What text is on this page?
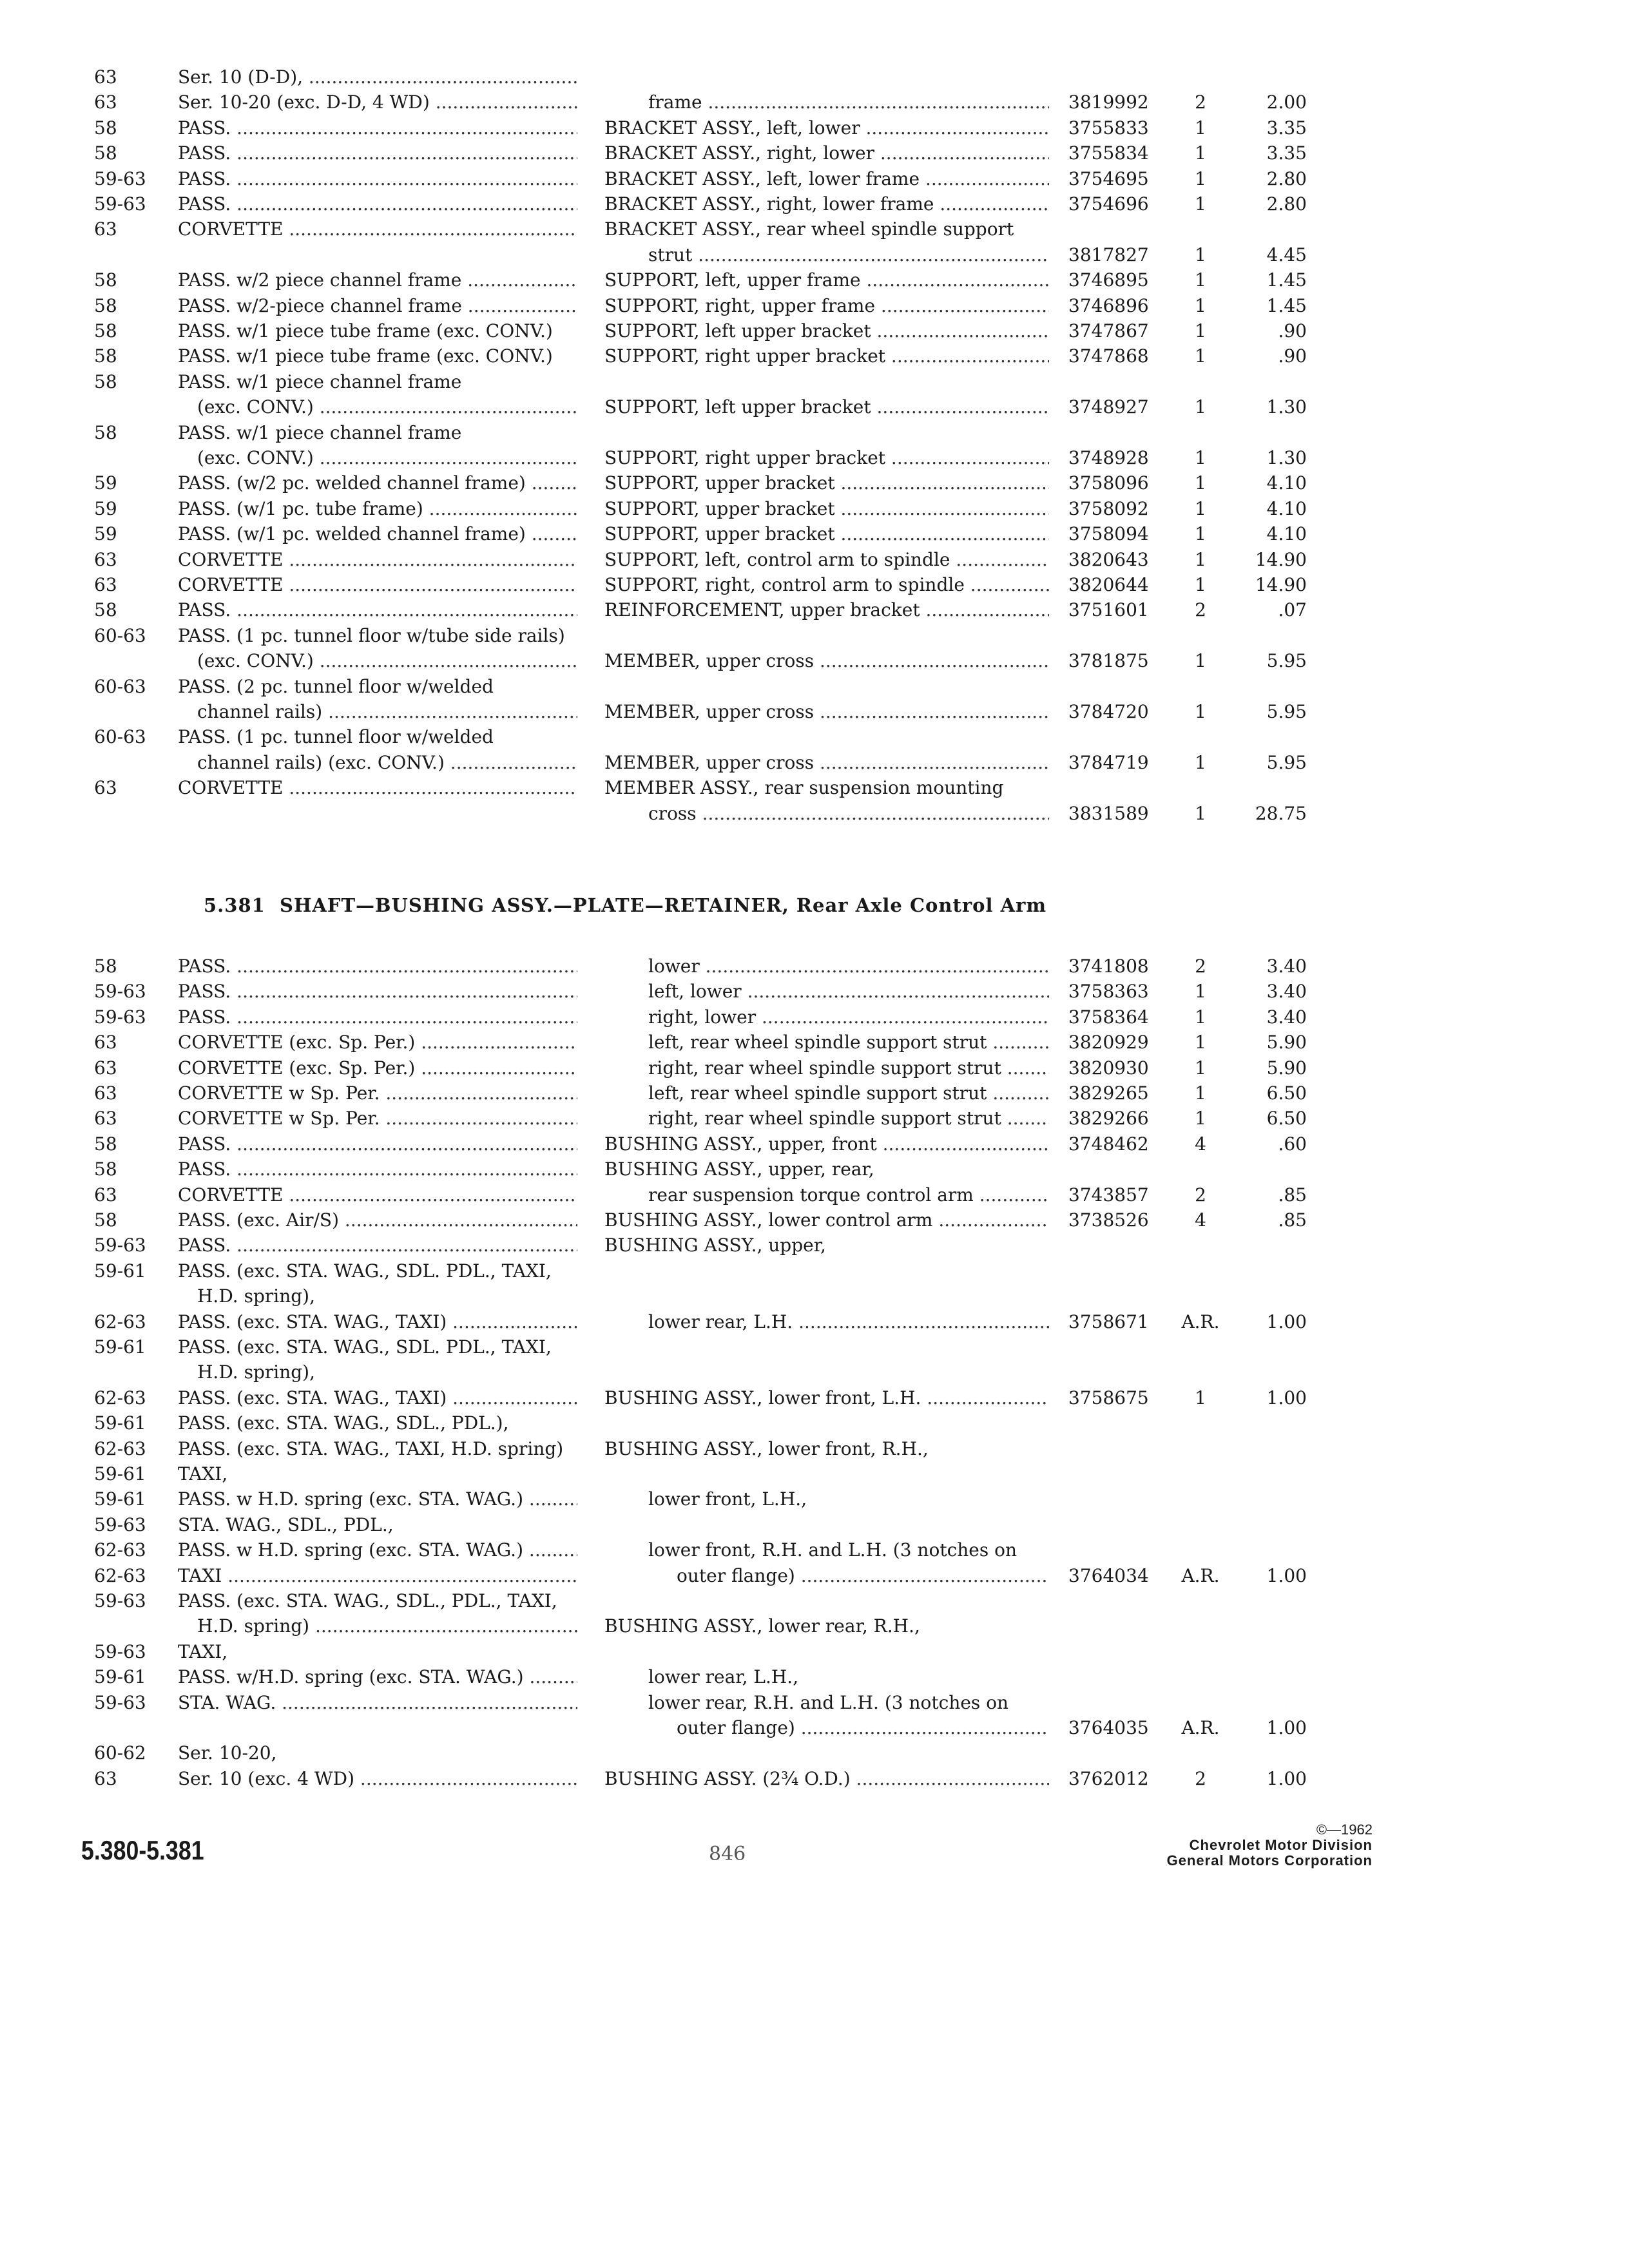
63	Ser. 10 (D-D), .....
63	Ser. 10-20 (exc. D-D, 4 WD) .....	frame .....	3819992	2	2.00
58	PASS. .....	BRACKET ASSY., left, lower .....	3755833	1	3.35
58	PASS. .....	BRACKET ASSY., right, lower .....	3755834	1	3.35
59-63	PASS. .....	BRACKET ASSY., left, lower frame .....	3754695	1	2.80
59-63	PASS. .....	BRACKET ASSY., right, lower frame .....	3754696	1	2.80
63	CORVETTE .....	BRACKET ASSY., rear wheel spindle support
strut .....	3817827	1	4.45
58	PASS. w/2 piece channel frame .....	SUPPORT, left, upper frame .....	3746895	1	1.45
58	PASS. w/2-piece channel frame .....	SUPPORT, right, upper frame .....	3746896	1	1.45
58	PASS. w/1 piece tube frame (exc. CONV.)	SUPPORT, left upper bracket .....	3747867	1	.90
58	PASS. w/1 piece tube frame (exc. CONV.)	SUPPORT, right upper bracket .....	3747868	1	.90
58	PASS. w/1 piece channel frame
(exc. CONV.) .....	SUPPORT, left upper bracket .....	3748927	1	1.30
58	PASS. w/1 piece channel frame
(exc. CONV.) .....	SUPPORT, right upper bracket .....	3748928	1	1.30
59	PASS. (w/2 pc. welded channel frame) .....	SUPPORT, upper bracket .....	3758096	1	4.10
59	PASS. (w/1 pc. tube frame) .....	SUPPORT, upper bracket .....	3758092	1	4.10
59	PASS. (w/1 pc. welded channel frame) .....	SUPPORT, upper bracket .....	3758094	1	4.10
63	CORVETTE .....	SUPPORT, left, control arm to spindle .....	3820643	1	14.90
63	CORVETTE .....	SUPPORT, right, control arm to spindle .....	3820644	1	14.90
58	PASS. .....	REINFORCEMENT, upper bracket .....	3751601	2	.07
60-63	PASS. (1 pc. tunnel floor w/tube side rails)
(exc. CONV.) .....	MEMBER, upper cross .....	3781875	1	5.95
60-63	PASS. (2 pc. tunnel floor w/welded
channel rails) .....	MEMBER, upper cross .....	3784720	1	5.95
60-63	PASS. (1 pc. tunnel floor w/welded
channel rails) (exc. CONV.) .....	MEMBER, upper cross .....	3784719	1	5.95
63	CORVETTE .....	MEMBER ASSY., rear suspension mounting
cross .....	3831589	1	28.75
5.381 SHAFT—BUSHING ASSY.—PLATE—RETAINER, Rear Axle Control Arm
58	PASS. .....	lower .....	3741808	2	3.40
59-63	PASS. .....	left, lower .....	3758363	1	3.40
59-63	PASS. .....	right, lower .....	3758364	1	3.40
63	CORVETTE (exc. Sp. Per.) .....	left, rear wheel spindle support strut .....	3820929	1	5.90
63	CORVETTE (exc. Sp. Per.) .....	right, rear wheel spindle support strut .....	3820930	1	5.90
63	CORVETTE w Sp. Per. .....	left, rear wheel spindle support strut .....	3829265	1	6.50
63	CORVETTE w Sp. Per. .....	right, rear wheel spindle support strut .....	3829266	1	6.50
58	PASS. .....	BUSHING ASSY., upper, front .....	3748462	4	.60
58	PASS. .....	BUSHING ASSY., upper, rear,
63	CORVETTE .....	rear suspension torque control arm .....	3743857	2	.85
58	PASS. (exc. Air/S) .....	BUSHING ASSY., lower control arm .....	3738526	4	.85
59-63	PASS. .....	BUSHING ASSY., upper,
59-61	PASS. (exc. STA. WAG., SDL. PDL., TAXI,
H.D. spring),
62-63	PASS. (exc. STA. WAG., TAXI) .....	lower rear, L.H. .....	3758671	A.R.	1.00
59-61	PASS. (exc. STA. WAG., SDL. PDL., TAXI,
H.D. spring),
62-63	PASS. (exc. STA. WAG., TAXI) .....	BUSHING ASSY., lower front, L.H. .....	3758675	1	1.00
59-61	PASS. (exc. STA. WAG., SDL., PDL.),
62-63	PASS. (exc. STA. WAG., TAXI, H.D. spring)	BUSHING ASSY., lower front, R.H.,
59-61	TAXI,
59-61	PASS. w H.D. spring (exc. STA. WAG.) .....	lower front, L.H.,
59-63	STA. WAG., SDL., PDL.,
62-63	PASS. w H.D. spring (exc. STA. WAG.) .....	lower front, R.H. and L.H. (3 notches on
62-63	TAXI .....	outer flange) .....	3764034	A.R.	1.00
59-63	PASS. (exc. STA. WAG., SDL., PDL., TAXI,
H.D. spring) .....	BUSHING ASSY., lower rear, R.H.,
59-63	TAXI,
59-61	PASS. w/H.D. spring (exc. STA. WAG.) .....	lower rear, L.H.,
59-63	STA. WAG. .....	lower rear, R.H. and L.H. (3 notches on
outer flange) .....	3764035	A.R.	1.00
60-62	Ser. 10-20,
63	Ser. 10 (exc. 4 WD) .....	BUSHING ASSY. (2¾ O.D.) .....	3762012	2	1.00
5.380-5.381	846
©—1962
Chevrolet Motor Division
General Motors Corporation
